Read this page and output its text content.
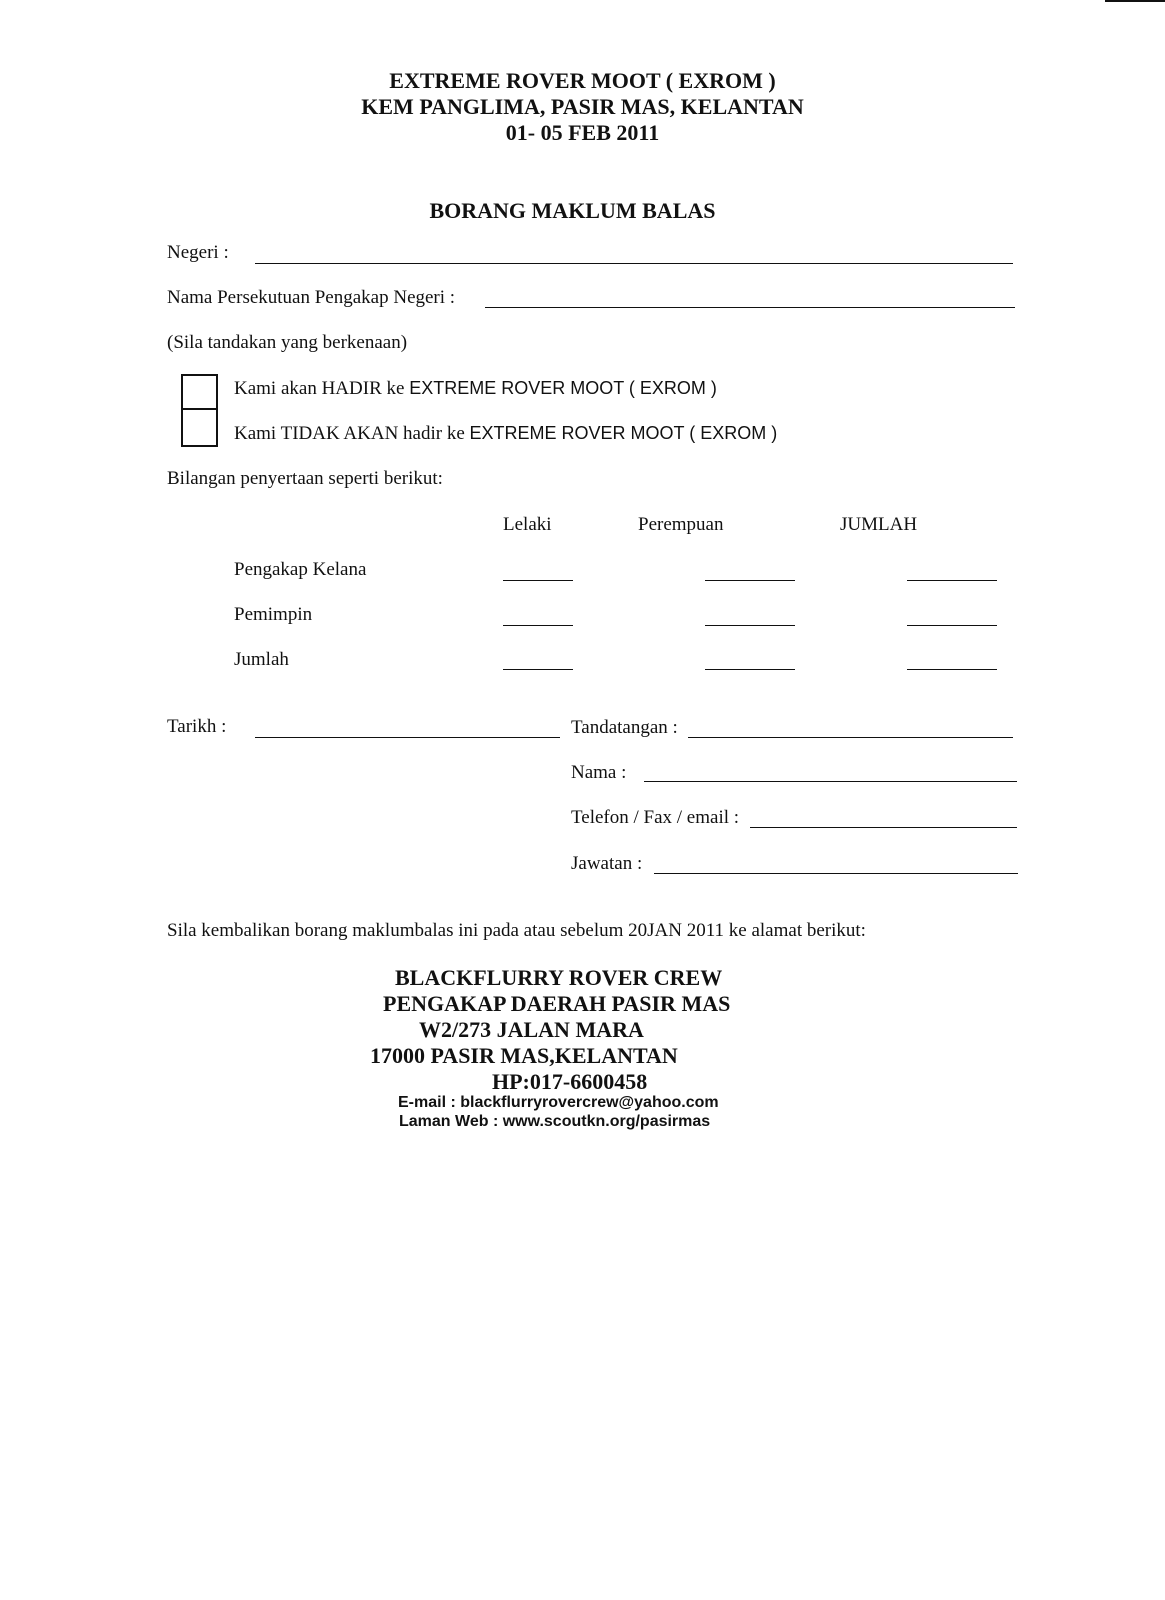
EXTREME ROVER MOOT ( EXROM )
KEM PANGLIMA, PASIR MAS, KELANTAN
01- 05 FEB 2011
BORANG MAKLUM BALAS
Negeri :
Nama Persekutuan Pengakap Negeri :
(Sila tandakan yang berkenaan)
Kami akan HADIR ke EXTREME ROVER MOOT ( EXROM )
Kami TIDAK AKAN hadir ke EXTREME ROVER MOOT ( EXROM )
Bilangan penyertaan seperti berikut:
Lelaki	Perempuan	JUMLAH
Pengakap Kelana
Pemimpin
Jumlah
Tarikh :	Tandatangan :
Nama :
Telefon / Fax / email :
Jawatan :
Sila kembalikan borang maklumbalas ini pada atau sebelum 20JAN 2011 ke alamat berikut:
BLACKFLURRY ROVER CREW
PENGAKAP DAERAH PASIR MAS
W2/273 JALAN MARA
17000 PASIR MAS,KELANTAN
HP:017-6600458
E-mail : blackflurryrovercrew@yahoo.com
Laman Web : www.scoutkn.org/pasirmas
